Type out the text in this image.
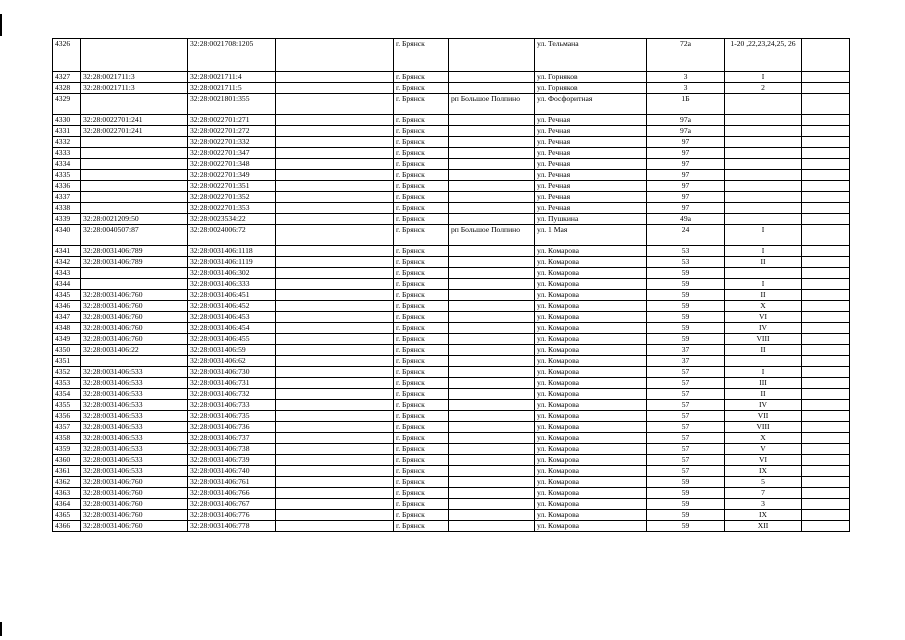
4326		32:28:0021708:1205		г. Брянск		ул. Тельмана	72а	1-20 ,22,23,24,25, 26	
4327	32:28:0021711:3	32:28:0021711:4		г. Брянск		ул. Горняков	3	I	
4328	32:28:0021711:3	32:28:0021711:5		г. Брянск		ул. Горняков	3	2	
4329		32:28:0021801:355		г. Брянск	рп Большое Полпино	ул. Фосфоритная	1Б		
4330	32:28:0022701:241	32:28:0022701:271		г. Брянск		ул. Речная	97а		
4331	32:28:0022701:241	32:28:0022701:272		г. Брянск		ул. Речная	97а		
4332		32:28:0022701:332		г. Брянск		ул. Речная	97		
4333		32:28:0022701:347		г. Брянск		ул. Речная	97		
4334		32:28:0022701:348		г. Брянск		ул. Речная	97		
4335		32:28:0022701:349		г. Брянск		ул. Речная	97		
4336		32:28:0022701:351		г. Брянск		ул. Речная	97		
4337		32:28:0022701:352		г. Брянск		ул. Речная	97		
4338		32:28:0022701:353		г. Брянск		ул. Речная	97		
4339	32:28:0021209:50	32:28:0023534:22		г. Брянск		ул. Пушкина	49а		
4340	32:28:0040507:87	32:28:0024006:72		г. Брянск	рп Большое Полпино	ул. 1 Мая	24	I	
4341	32:28:0031406:789	32:28:0031406:1118		г. Брянск		ул. Комарова	53	I	
4342	32:28:0031406:789	32:28:0031406:1119		г. Брянск		ул. Комарова	53	II	
4343		32:28:0031406:302		г. Брянск		ул. Комарова	59		
4344		32:28:0031406:333		г. Брянск		ул. Комарова	59	I	
4345	32:28:0031406:760	32:28:0031406:451		г. Брянск		ул. Комарова	59	II	
4346	32:28:0031406:760	32:28:0031406:452		г. Брянск		ул. Комарова	59	X	
4347	32:28:0031406:760	32:28:0031406:453		г. Брянск		ул. Комарова	59	VI	
4348	32:28:0031406:760	32:28:0031406:454		г. Брянск		ул. Комарова	59	IV	
4349	32:28:0031406:760	32:28:0031406:455		г. Брянск		ул. Комарова	59	VIII	
4350	32:28:0031406:22	32:28:0031406:59		г. Брянск		ул. Комарова	37	II	
4351		32:28:0031406:62		г. Брянск		ул. Комарова	37		
4352	32:28:0031406:533	32:28:0031406:730		г. Брянск		ул. Комарова	57	I	
4353	32:28:0031406:533	32:28:0031406:731		г. Брянск		ул. Комарова	57	III	
4354	32:28:0031406:533	32:28:0031406:732		г. Брянск		ул. Комарова	57	II	
4355	32:28:0031406:533	32:28:0031406:733		г. Брянск		ул. Комарова	57	IV	
4356	32:28:0031406:533	32:28:0031406:735		г. Брянск		ул. Комарова	57	VII	
4357	32:28:0031406:533	32:28:0031406:736		г. Брянск		ул. Комарова	57	VIII	
4358	32:28:0031406:533	32:28:0031406:737		г. Брянск		ул. Комарова	57	X	
4359	32:28:0031406:533	32:28:0031406:738		г. Брянск		ул. Комарова	57	V	
4360	32:28:0031406:533	32:28:0031406:739		г. Брянск		ул. Комарова	57	VI	
4361	32:28:0031406:533	32:28:0031406:740		г. Брянск		ул. Комарова	57	IX	
4362	32:28:0031406:760	32:28:0031406:761		г. Брянск		ул. Комарова	59	5	
4363	32:28:0031406:760	32:28:0031406:766		г. Брянск		ул. Комарова	59	7	
4364	32:28:0031406:760	32:28:0031406:767		г. Брянск		ул. Комарова	59	3	
4365	32:28:0031406:760	32:28:0031406:776		г. Брянск		ул. Комарова	59	IX	
4366	32:28:0031406:760	32:28:0031406:778		г. Брянск		ул. Комарова	59	XII	
